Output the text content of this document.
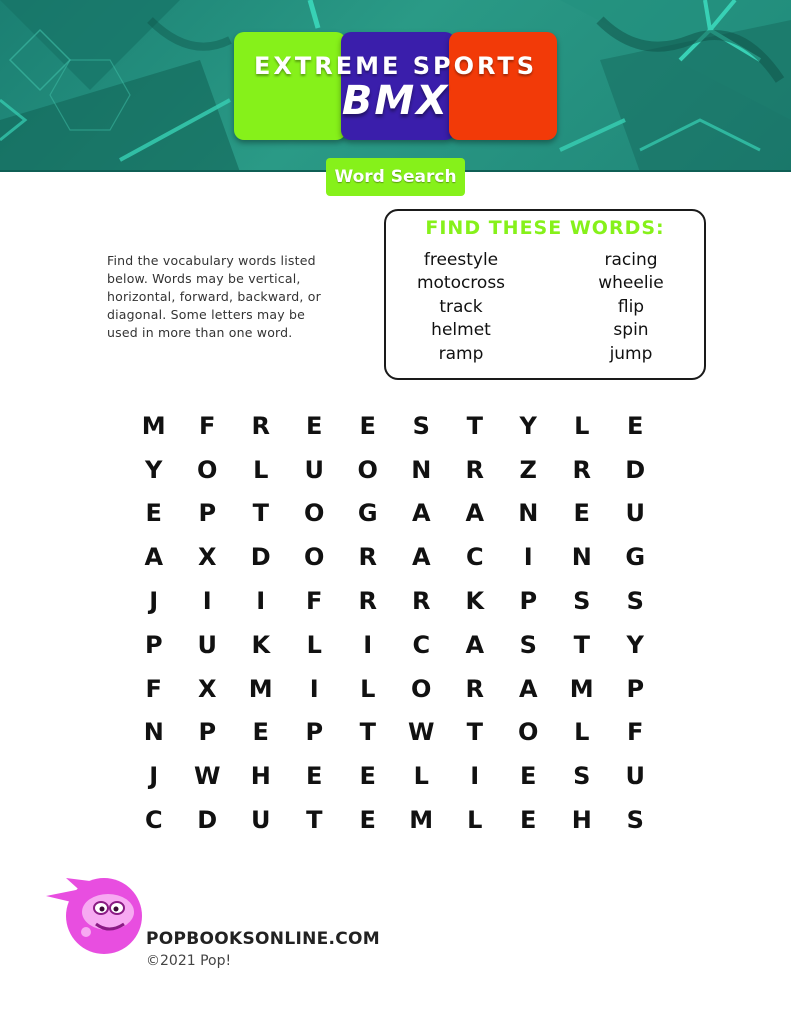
EXTREME SPORTS
BMX
Word Search
Find the vocabulary words listed below. Words may be vertical, horizontal, forward, backward, or diagonal. Some letters may be used in more than one word.
FIND THESE WORDS:
freestyle
motocross
track
helmet
ramp
racing
wheelie
flip
spin
jump
M	F	R	E	E	S	T	Y	L	E
Y	O	L	U	O	N	R	Z	R	D
E	P	T	O	G	A	A	N	E	U
A	X	D	O	R	A	C	I	N	G
J	I	I	F	R	R	K	P	S	S
P	U	K	L	I	C	A	S	T	Y
F	X	M	I	L	O	R	A	M	P
N	P	E	P	T	W	T	O	L	F
J	W	H	E	E	L	I	E	S	U
C	D	U	T	E	M	L	E	H	S
POPBOOKSONLINE.COM
©2021 Pop!
